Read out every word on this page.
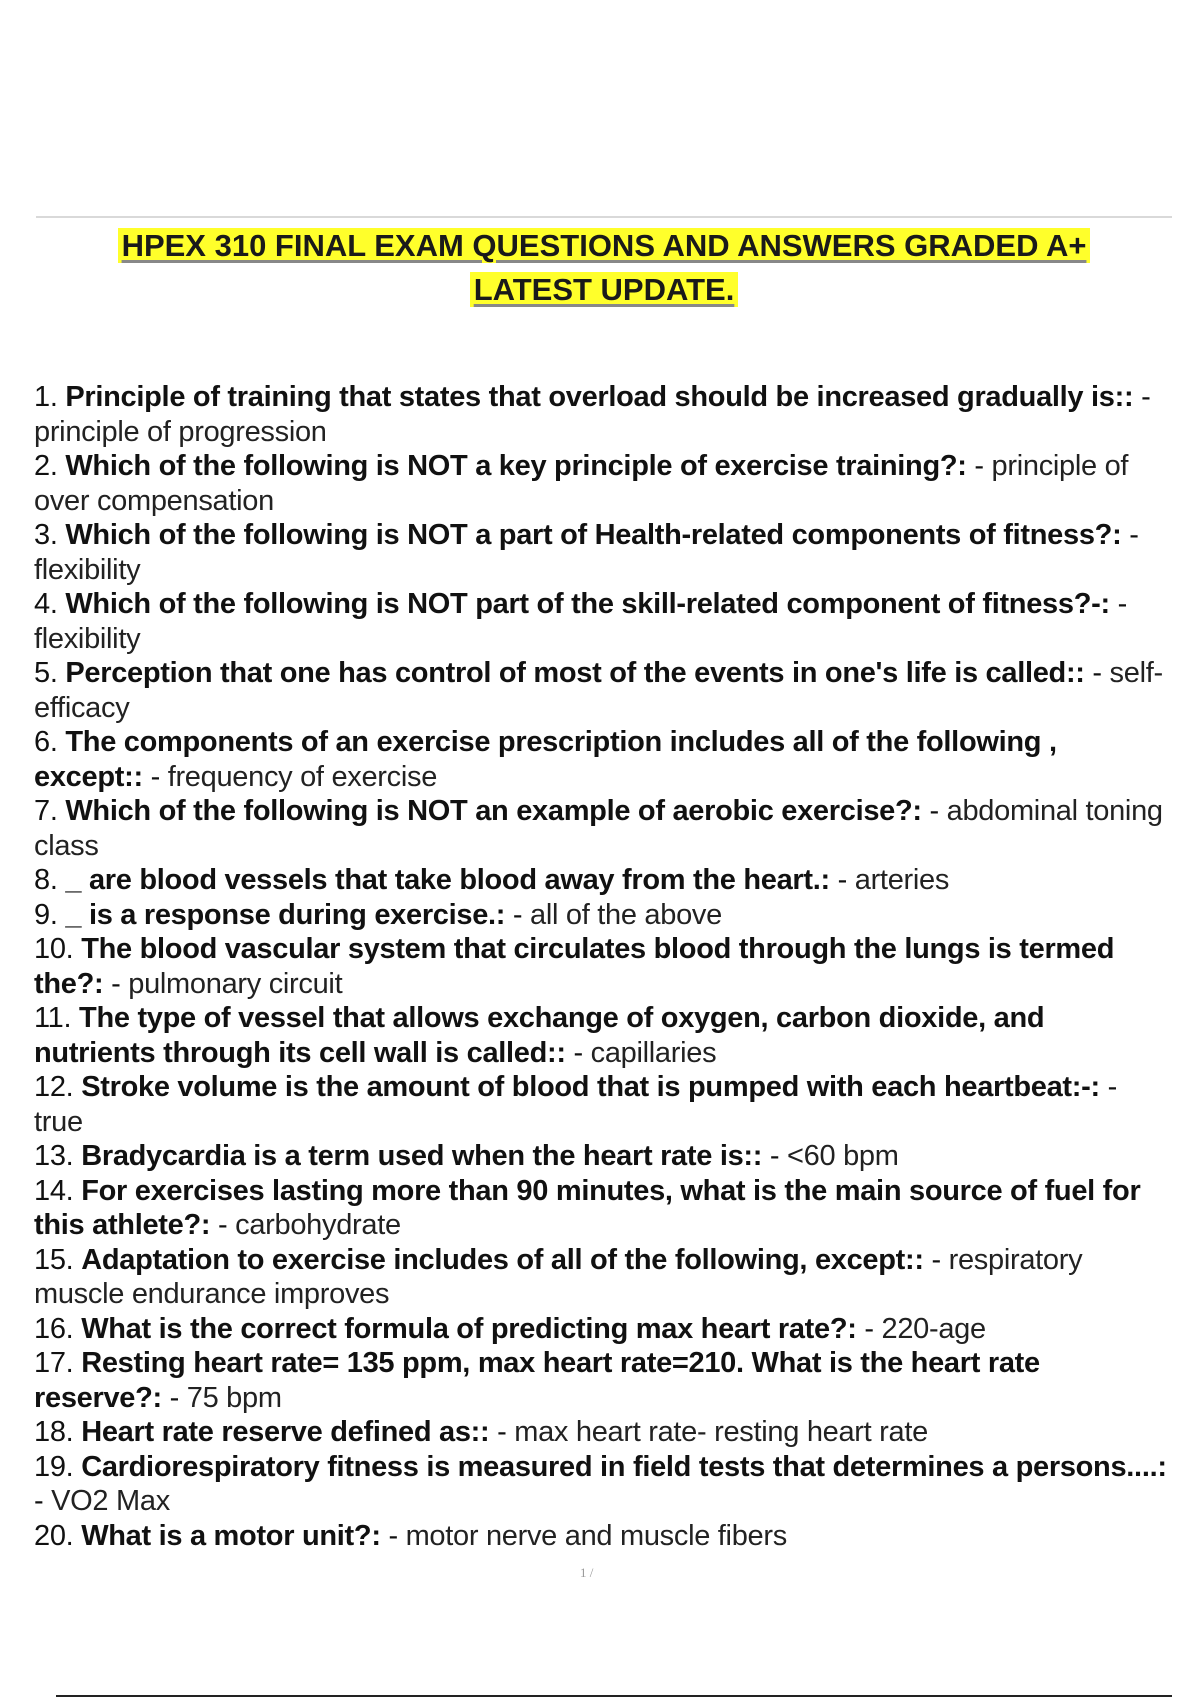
HPEX 310 FINAL EXAM QUESTIONS AND ANSWERS GRADED A+
LATEST UPDATE.
1. Principle of training that states that overload should be increased gradually is:: - principle of progression
2. Which of the following is NOT a key principle of exercise training?: - principle of over compensation
3. Which of the following is NOT a part of Health-related components of fitness?: - flexibility
4. Which of the following is NOT part of the skill-related component of fitness?-: - flexibility
5. Perception that one has control of most of the events in one's life is called:: - self-efficacy
6. The components of an exercise prescription includes all of the following , except:: - frequency of exercise
7. Which of the following is NOT an example of aerobic exercise?: - abdominal toning class
8. _ are blood vessels that take blood away from the heart.: - arteries
9. _ is a response during exercise.: - all of the above
10. The blood vascular system that circulates blood through the lungs is termed the?: - pulmonary circuit
11. The type of vessel that allows exchange of oxygen, carbon dioxide, and nutrients through its cell wall is called:: - capillaries
12. Stroke volume is the amount of blood that is pumped with each heartbeat:-: - true
13. Bradycardia is a term used when the heart rate is:: - <60 bpm
14. For exercises lasting more than 90 minutes, what is the main source of fuel for this athlete?: - carbohydrate
15. Adaptation to exercise includes of all of the following, except:: - respiratory muscle endurance improves
16. What is the correct formula of predicting max heart rate?: - 220-age
17. Resting heart rate= 135 ppm, max heart rate=210. What is the heart rate reserve?: - 75 bpm
18. Heart rate reserve defined as:: - max heart rate- resting heart rate
19. Cardiorespiratory fitness is measured in field tests that determines a persons....: - VO2 Max
20. What is a motor unit?: - motor nerve and muscle fibers
1 /
